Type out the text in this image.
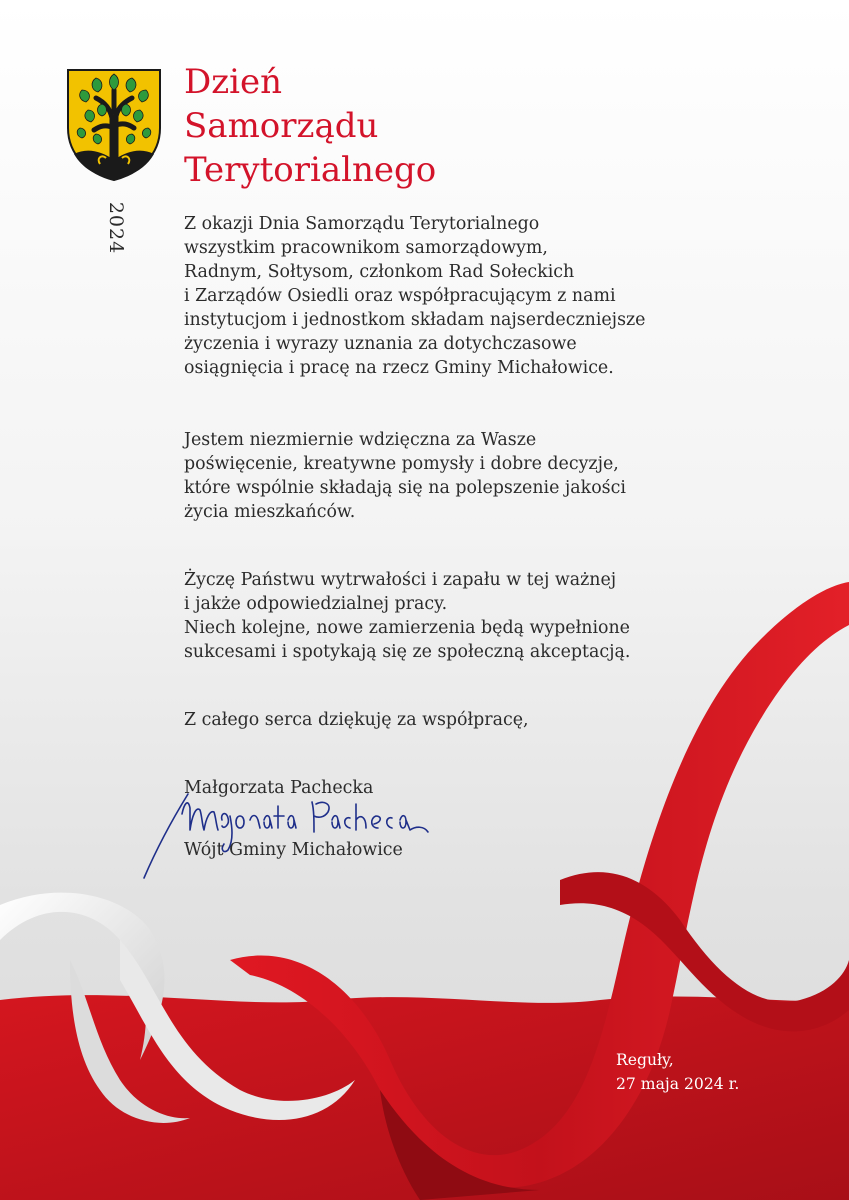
2024
Dzień
Samorządu
Terytorialnego
Z okazji Dnia Samorządu Terytorialnego
wszystkim pracownikom samorządowym,
Radnym, Sołtysom, członkom Rad Sołeckich
i Zarządów Osiedli oraz współpracującym z nami
instytucjom i jednostkom składam najserdeczniejsze
życzenia i wyrazy uznania za dotychczasowe
osiągnięcia i pracę na rzecz Gminy Michałowice.
Jestem niezmiernie wdzięczna za Wasze
poświęcenie, kreatywne pomysły i dobre decyzje,
które wspólnie składają się na polepszenie jakości
życia mieszkańców.
Życzę Państwu wytrwałości i zapału w tej ważnej
i jakże odpowiedzialnej pracy.
Niech kolejne, nowe zamierzenia będą wypełnione
sukcesami i spotykają się ze społeczną akceptacją.
Z całego serca dziękuję za współpracę,
Małgorzata Pachecka
Wójt Gminy Michałowice
Reguły,
27 maja 2024 r.
